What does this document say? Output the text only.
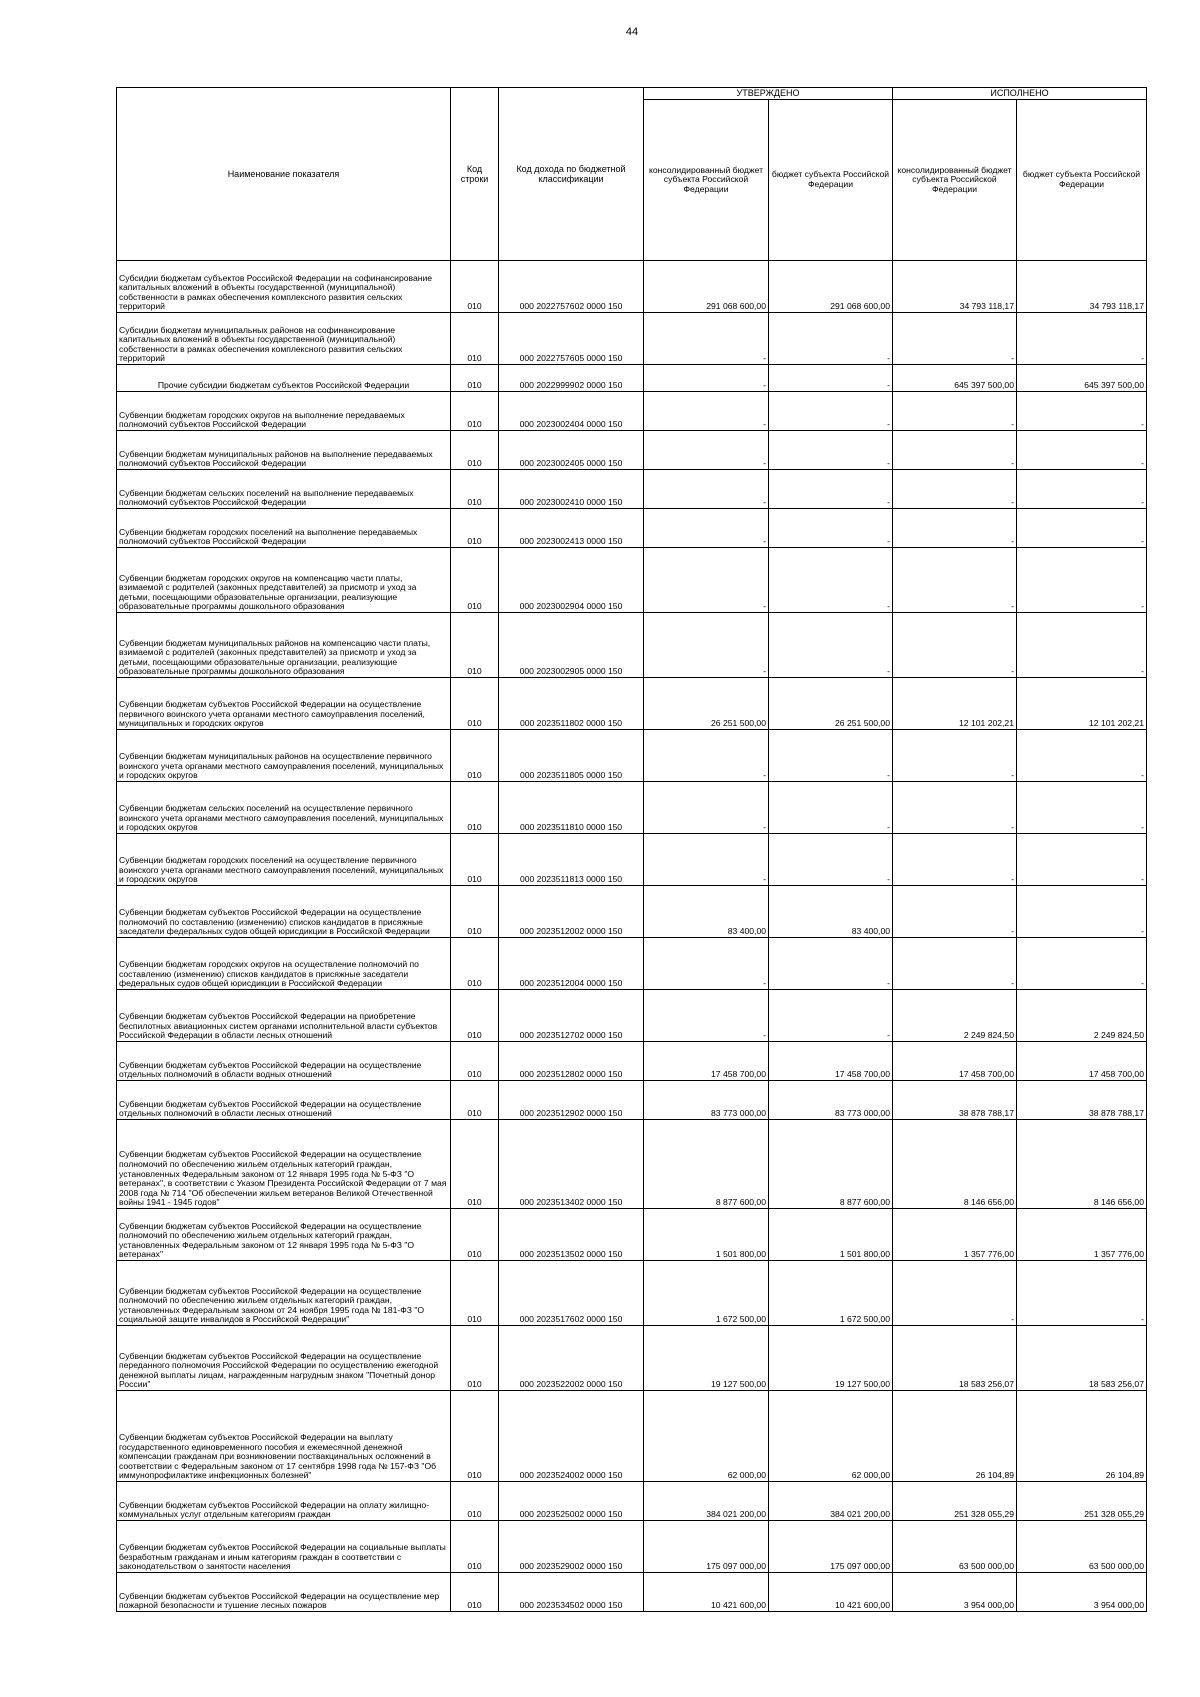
44
Наименование показателя	Код строки	Код дохода по бюджетной классификации	УТВЕРЖДЕНО		ИСПОЛНЕНО	
			консолидированный бюджет субъекта Российской Федерации	бюджет субъекта Российской Федерации	консолидированный бюджет субъекта Российской Федерации	бюджет субъекта Российской Федерации
Субсидии бюджетам субъектов Российской Федерации на софинансирование капитальных вложений в объекты государственной (муниципальной) собственности в рамках обеспечения комплексного развития сельских территорий	010	000 2022757602 0000 150	291 068 600,00	291 068 600,00	34 793 118,17	34 793 118,17
Субсидии бюджетам муниципальных районов на софинансирование капитальных вложений в объекты государственной (муниципальной) собственности в рамках обеспечения комплексного развития сельских территорий	010	000 2022757605 0000 150	-	-	-	-
Прочие субсидии бюджетам субъектов Российской Федерации	010	000 2022999902 0000 150	-	-	645 397 500,00	645 397 500,00
Субвенции бюджетам городских округов на выполнение передаваемых полномочий субъектов Российской Федерации	010	000 2023002404 0000 150	-	-	-	-
Субвенции бюджетам муниципальных районов на выполнение передаваемых полномочий субъектов Российской Федерации	010	000 2023002405 0000 150	-	-	-	-
Субвенции бюджетам сельских поселений на выполнение передаваемых полномочий субъектов Российской Федерации	010	000 2023002410 0000 150	-	-	-	-
Субвенции бюджетам городских поселений на выполнение передаваемых полномочий субъектов Российской Федерации	010	000 2023002413 0000 150	-	-	-	-
Субвенции бюджетам городских округов на компенсацию части платы, взимаемой с родителей (законных представителей) за присмотр и уход за детьми, посещающими образовательные организации, реализующие образовательные программы дошкольного образования	010	000 2023002904 0000 150	-	-	-	-
Субвенции бюджетам муниципальных районов на компенсацию части платы, взимаемой с родителей (законных представителей) за присмотр и уход за детьми, посещающими образовательные организации, реализующие образовательные программы дошкольного образования	010	000 2023002905 0000 150	-	-	-	-
Субвенции бюджетам субъектов Российской Федерации на осуществление первичного воинского учета органами местного самоуправления поселений, муниципальных и городских округов	010	000 2023511802 0000 150	26 251 500,00	26 251 500,00	12 101 202,21	12 101 202,21
Субвенции бюджетам муниципальных районов на осуществление первичного воинского учета органами местного самоуправления поселений, муниципальных и городских округов	010	000 2023511805 0000 150	-	-	-	-
Субвенции бюджетам сельских поселений на осуществление первичного воинского учета органами местного самоуправления поселений, муниципальных и городских округов	010	000 2023511810 0000 150	-	-	-	-
Субвенции бюджетам городских поселений на осуществление первичного воинского учета органами местного самоуправления поселений, муниципальных и городских округов	010	000 2023511813 0000 150	-	-	-	-
Субвенции бюджетам субъектов Российской Федерации на осуществление полномочий по составлению (изменению) списков кандидатов в присяжные заседатели федеральных судов общей юрисдикции в Российской Федерации	010	000 2023512002 0000 150	83 400,00	83 400,00	-	-
Субвенции бюджетам городских округов на осуществление полномочий по составлению (изменению) списков кандидатов в присяжные заседатели федеральных судов общей юрисдикции в Российской Федерации	010	000 2023512004 0000 150	-	-	-	-
Субвенции бюджетам субъектов Российской Федерации на приобретение беспилотных авиационных систем органами исполнительной власти субъектов Российской Федерации в области лесных отношений	010	000 2023512702 0000 150	-	-	2 249 824,50	2 249 824,50
Субвенции бюджетам субъектов Российской Федерации на осуществление отдельных полномочий в области водных отношений	010	000 2023512802 0000 150	17 458 700,00	17 458 700,00	17 458 700,00	17 458 700,00
Субвенции бюджетам субъектов Российской Федерации на осуществление отдельных полномочий в области лесных отношений	010	000 2023512902 0000 150	83 773 000,00	83 773 000,00	38 878 788,17	38 878 788,17
Субвенции бюджетам субъектов Российской Федерации на осуществление полномочий по обеспечению жильем отдельных категорий граждан, установленных Федеральным законом от 12 января 1995 года № 5-ФЗ "О ветеранах", в соответствии с Указом Президента Российской Федерации от 7 мая 2008 года № 714 "Об обеспечении жильем ветеранов Великой Отечественной войны 1941 - 1945 годов"	010	000 2023513402 0000 150	8 877 600,00	8 877 600,00	8 146 656,00	8 146 656,00
Субвенции бюджетам субъектов Российской Федерации на осуществление полномочий по обеспечению жильем отдельных категорий граждан, установленных Федеральным законом от 12 января 1995 года № 5-ФЗ "О ветеранах"	010	000 2023513502 0000 150	1 501 800,00	1 501 800,00	1 357 776,00	1 357 776,00
Субвенции бюджетам субъектов Российской Федерации на осуществление полномочий по обеспечению жильем отдельных категорий граждан, установленных Федеральным законом от 24 ноября 1995 года № 181-ФЗ "О социальной защите инвалидов в Российской Федерации"	010	000 2023517602 0000 150	1 672 500,00	1 672 500,00	-	-
Субвенции бюджетам субъектов Российской Федерации на осуществление переданного полномочия Российской Федерации по осуществлению ежегодной денежной выплаты лицам, награжденным нагрудным знаком "Почетный донор России"	010	000 2023522002 0000 150	19 127 500,00	19 127 500,00	18 583 256,07	18 583 256,07
Субвенции бюджетам субъектов Российской Федерации на выплату государственного единовременного пособия и ежемесячной денежной компенсации гражданам при возникновении поствакцинальных осложнений в соответствии с Федеральным законом от 17 сентября 1998 года № 157-ФЗ "Об иммунопрофилактике инфекционных болезней"	010	000 2023524002 0000 150	62 000,00	62 000,00	26 104,89	26 104,89
Субвенции бюджетам субъектов Российской Федерации на оплату жилищно-коммунальных услуг отдельным категориям граждан	010	000 2023525002 0000 150	384 021 200,00	384 021 200,00	251 328 055,29	251 328 055,29
Субвенции бюджетам субъектов Российской Федерации на социальные выплаты безработным гражданам и иным категориям граждан в соответствии с законодательством о занятости населения	010	000 2023529002 0000 150	175 097 000,00	175 097 000,00	63 500 000,00	63 500 000,00
Субвенции бюджетам субъектов Российской Федерации на осуществление мер пожарной безопасности и тушение лесных пожаров	010	000 2023534502 0000 150	10 421 600,00	10 421 600,00	3 954 000,00	3 954 000,00
